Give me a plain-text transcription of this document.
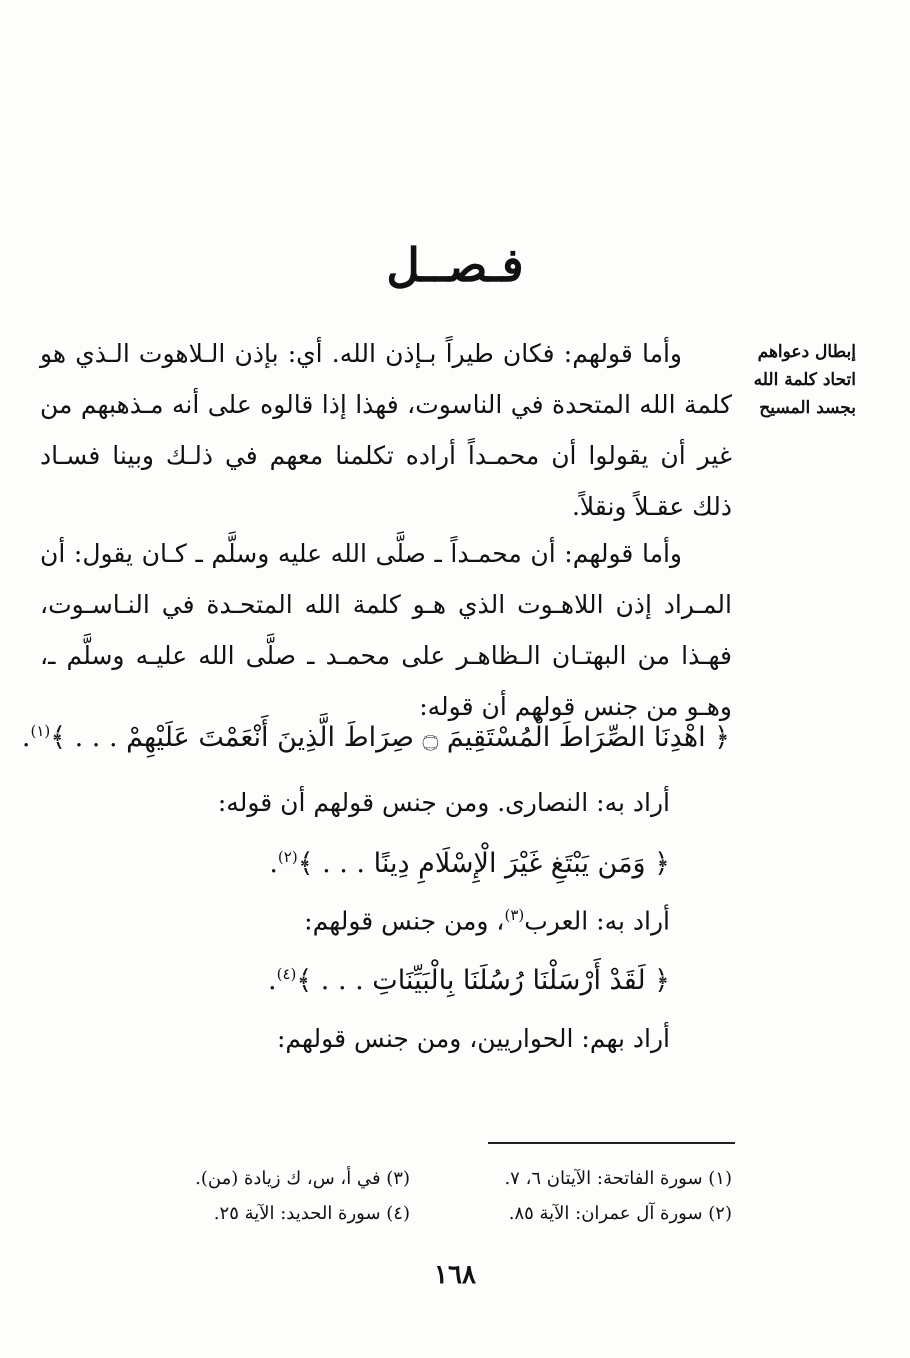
فـصــل
إبطال دعواهم
اتحاد كلمة الله
بجسد المسيح

وأما قولهم: فكان طيراً بـإذن الله. أي: بإذن الـلاهوت الـذي هو كلمة الله المتحدة في الناسوت، فهذا إذا قالوه على أنه مـذهبهم من غير أن يقولوا أن محمـداً أراده تكلمنا معهم في ذلـك وبينا فسـاد ذلك عقـلاً ونقلاً.

وأما قولهم: أن محمـداً ـ صلَّى الله عليه وسلَّم ـ كـان يقول: أن المـراد إذن اللاهـوت الذي هـو كلمة الله المتحـدة في النـاسـوت، فهـذا من البهتـان الـظاهـر على محمـد ـ صلَّى الله عليـه وسلَّم ـ، وهـو من جنس قولهم أن قوله:

﴿ اهْدِنَا الصِّرَاطَ الْمُسْتَقِيمَ ۝ صِرَاطَ الَّذِينَ أَنْعَمْتَ عَلَيْهِمْ . . . ﴾$^{(١)}$.
أراد به: النصارى. ومن جنس قولهم أن قوله:
﴿ وَمَن يَبْتَغِ غَيْرَ الْإِسْلَامِ دِينًا . . . ﴾$^{(٢)}$.
أراد به: العرب$^{(٣)}$، ومن جنس قولهم:
﴿ لَقَدْ أَرْسَلْنَا رُسُلَنَا بِالْبَيِّنَاتِ . . . ﴾$^{(٤)}$.
أراد بهم: الحواريين، ومن جنس قولهم:
(١) سورة الفاتحة: الآيتان ٦، ٧.
(٢) سورة آل عمران: الآية ٨٥.
(٣) في أ، س، ك زيادة (من).
(٤) سورة الحديد: الآية ٢٥.
١٦٨
